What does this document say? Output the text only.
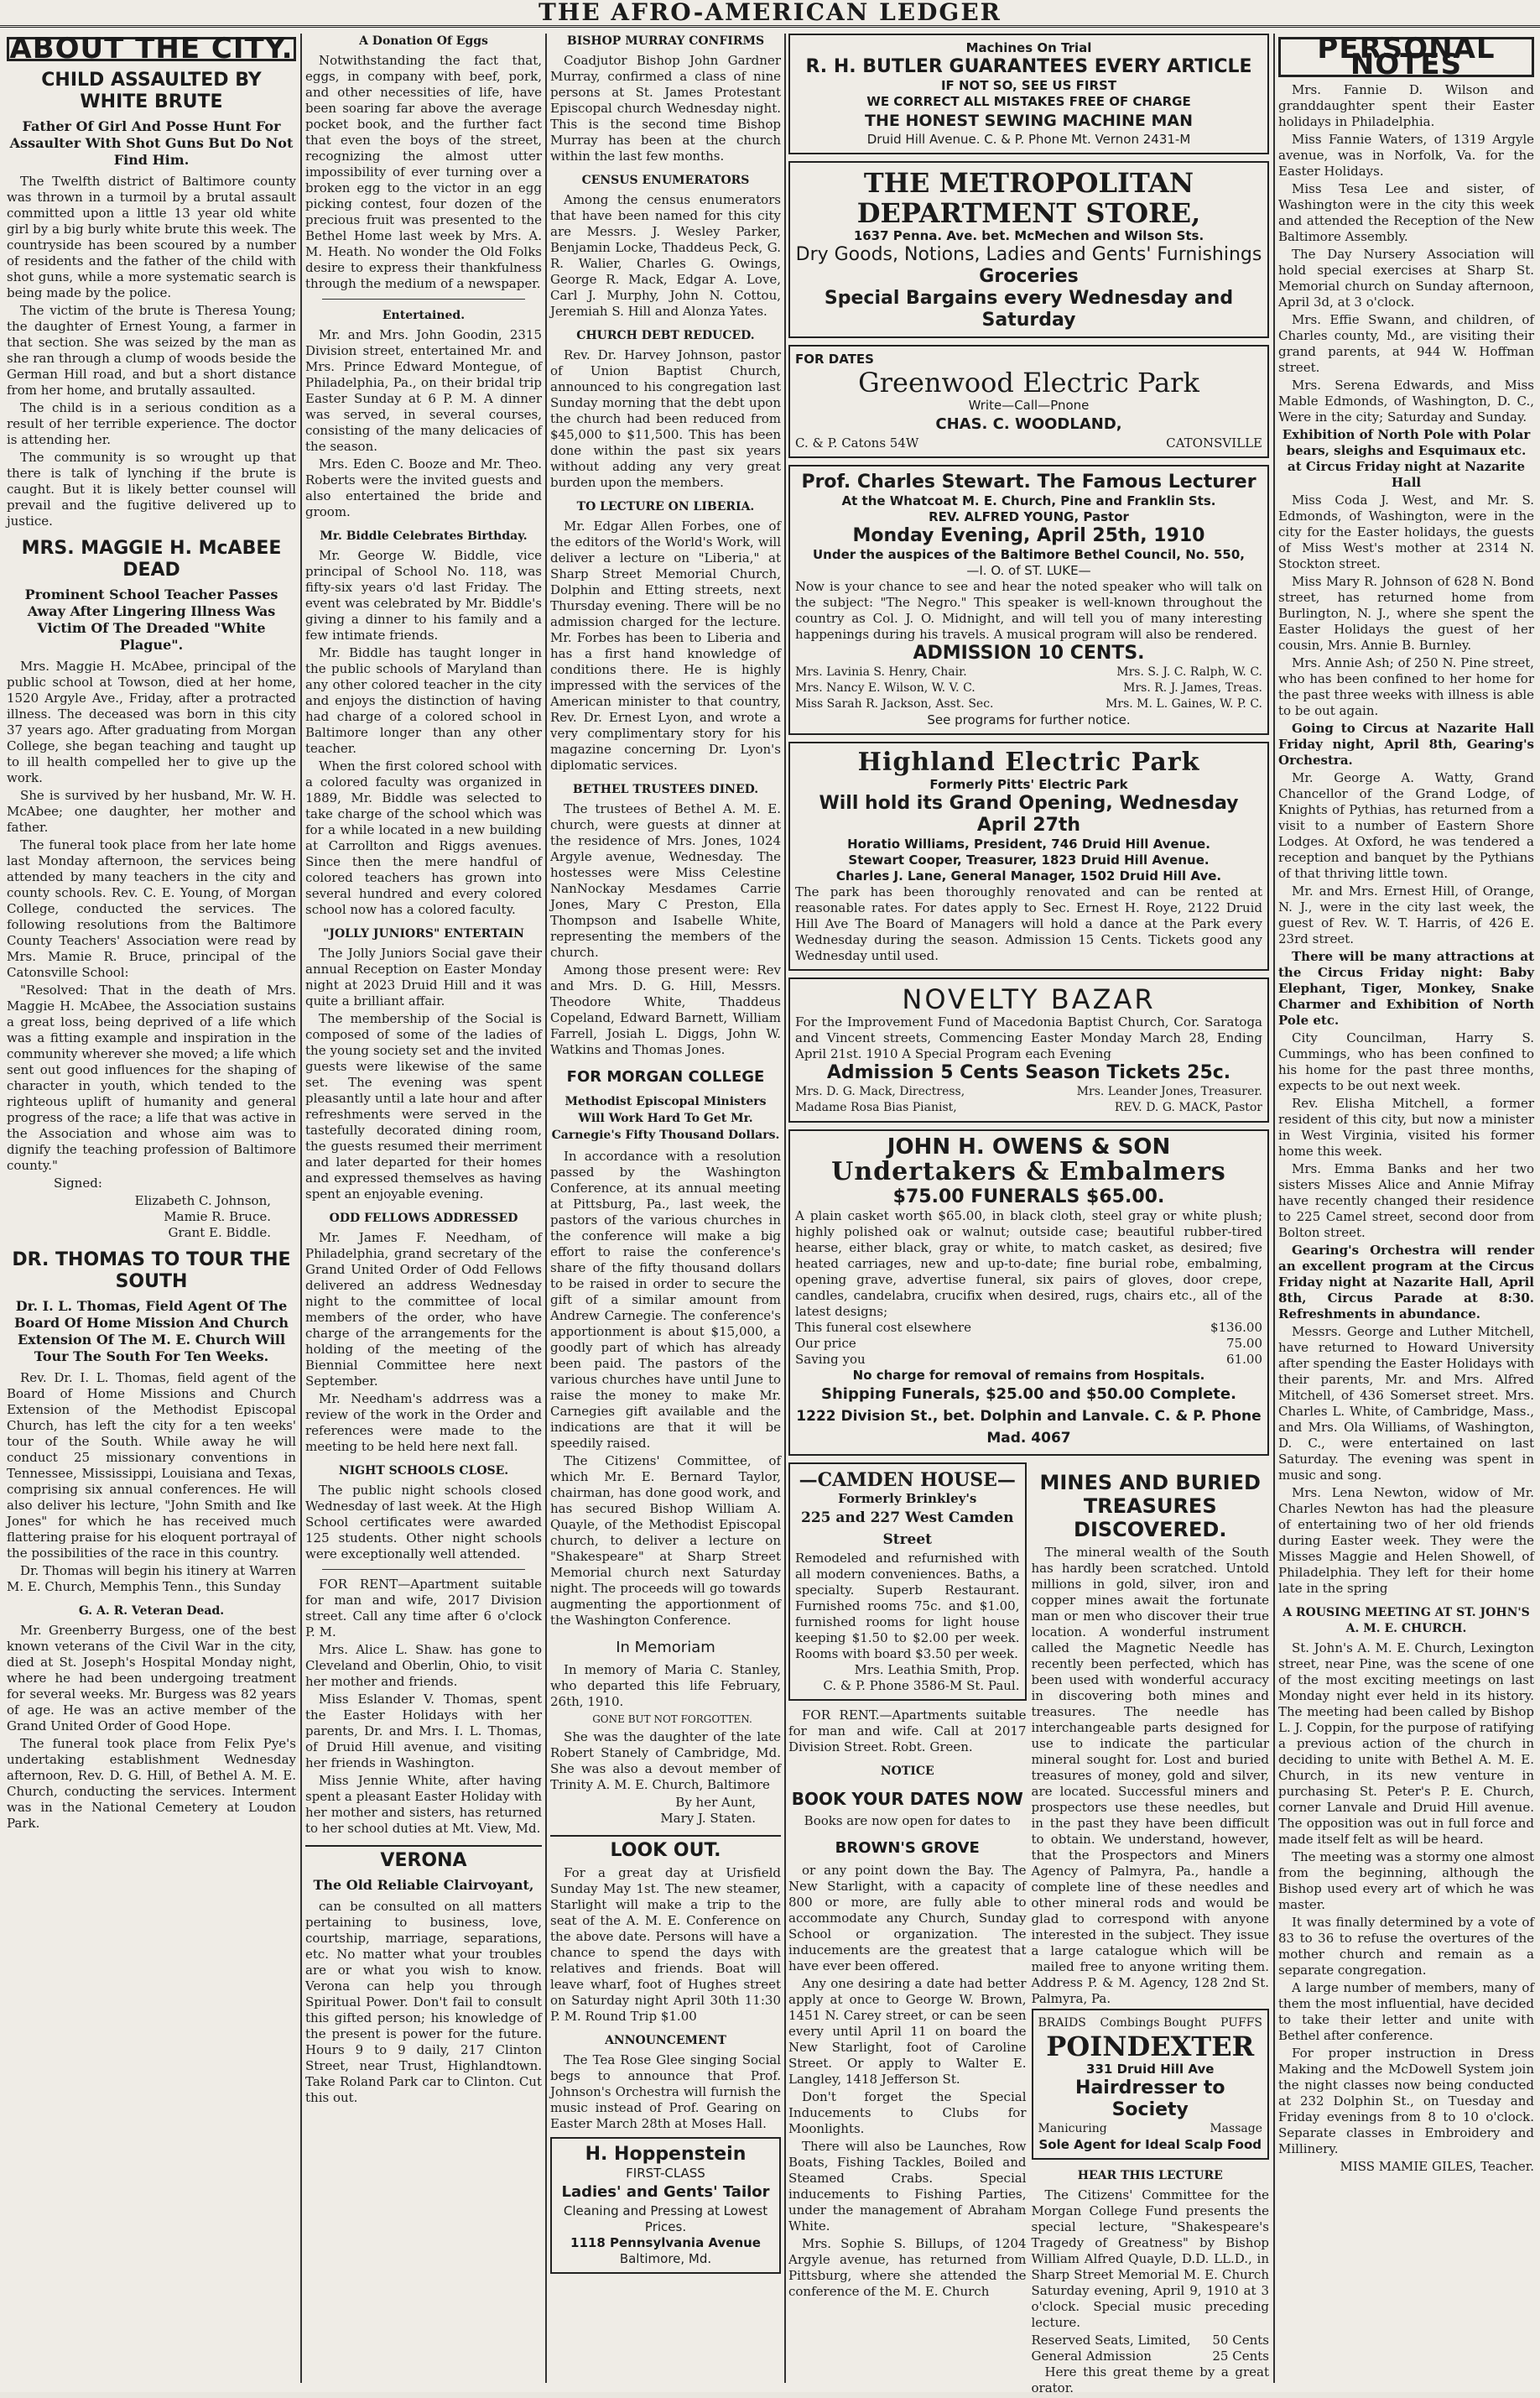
THE AFRO-AMERICAN LEDGER
ABOUT THE CITY.
CHILD ASSAULTED BY WHITE BRUTE
Father Of Girl And Posse Hunt For Assaulter With Shot Guns But Do Not Find Him.

The Twelfth district of Baltimore county was thrown in a turmoil by a brutal assault committed upon a little 13 year old white girl by a big burly white brute this week. The countryside has been scoured by a number of residents and the father of the child with shot guns, while a more systematic search is being made by the police.

The victim of the brute is Theresa Young; the daughter of Ernest Young, a farmer in that section. She was seized by the man as she ran through a clump of woods beside the German Hill road, and but a short distance from her home, and brutally assaulted.

The child is in a serious condition as a result of her terrible experience. The doctor is attending her.

The community is so wrought up that there is talk of lynching if the brute is caught. But it is likely better counsel will prevail and the fugitive delivered up to justice.

MRS. MAGGIE H. McABEE DEAD
Prominent School Teacher Passes Away After Lingering Illness Was Victim Of The Dreaded "White Plague".

Mrs. Maggie H. McAbee, principal of the public school at Towson, died at her home, 1520 Argyle Ave., Friday, after a protracted illness. The deceased was born in this city 37 years ago. After graduating from Morgan College, she began teaching and taught up to ill health compelled her to give up the work.

She is survived by her husband, Mr. W. H. McAbee; one daughter, her mother and father.

The funeral took place from her late home last Monday afternoon, the services being attended by many teachers in the city and county schools. Rev. C. E. Young, of Morgan College, conducted the services. The following resolutions from the Baltimore County Teachers' Association were read by Mrs. Mamie R. Bruce, principal of the Catonsville School:

"Resolved: That in the death of Mrs. Maggie H. McAbee, the Association sustains a great loss, being deprived of a life which was a fitting example and inspiration in the community wherever she moved; a life which sent out good influences for the shaping of character in youth, which tended to the righteous uplift of humanity and general progress of the race; a life that was active in the Association and whose aim was to dignify the teaching profession of Baltimore county."

Signed:

Elizabeth C. Johnson,
Mamie R. Bruce.
Grant E. Biddle.
DR. THOMAS TO TOUR THE SOUTH
Dr. I. L. Thomas, Field Agent Of The Board Of Home Mission And Church Extension Of The M. E. Church Will Tour The South For Ten Weeks.

Rev. Dr. I. L. Thomas, field agent of the Board of Home Missions and Church Extension of the Methodist Episcopal Church, has left the city for a ten weeks' tour of the South. While away he will conduct 25 missionary conventions in Tennessee, Mississippi, Louisiana and Texas, comprising six annual conferences. He will also deliver his lecture, "John Smith and Ike Jones" for which he has received much flattering praise for his eloquent portrayal of the possibilities of the race in this country.

Dr. Thomas will begin his itinery at Warren M. E. Church, Memphis Tenn., this Sunday

G. A. R. Veteran Dead.

Mr. Greenberry Burgess, one of the best known veterans of the Civil War in the city, died at St. Joseph's Hospital Monday night, where he had been undergoing treatment for several weeks. Mr. Burgess was 82 years of age. He was an active member of the Grand United Order of Good Hope.

The funeral took place from Felix Pye's undertaking establishment Wednesday afternoon, Rev. D. G. Hill, of Bethel A. M. E. Church, conducting the services. Interment was in the National Cemetery at Loudon Park.

A Donation Of Eggs

Notwithstanding the fact that, eggs, in company with beef, pork, and other necessities of life, have been soaring far above the average pocket book, and the further fact that even the boys of the street, recognizing the almost utter impossibility of ever turning over a broken egg to the victor in an egg picking contest, four dozen of the precious fruit was presented to the Bethel Home last week by Mrs. A. M. Heath. No wonder the Old Folks desire to express their thankfulness through the medium of a newspaper.

Entertained.

Mr. and Mrs. John Goodin, 2315 Division street, entertained Mr. and Mrs. Prince Edward Montegue, of Philadelphia, Pa., on their bridal trip Easter Sunday at 6 P. M. A dinner was served, in several courses, consisting of the many delicacies of the season.

Mrs. Eden C. Booze and Mr. Theo. Roberts were the invited guests and also entertained the bride and groom.

Mr. Biddle Celebrates Birthday.

Mr. George W. Biddle, vice principal of School No. 118, was fifty-six years o'd last Friday. The event was celebrated by Mr. Biddle's giving a dinner to his family and a few intimate friends.

Mr. Biddle has taught longer in the public schools of Maryland than any other colored teacher in the city and enjoys the distinction of having had charge of a colored school in Baltimore longer than any other teacher.

When the first colored school with a colored faculty was organized in 1889, Mr. Biddle was selected to take charge of the school which was for a while located in a new building at Carrollton and Riggs avenues. Since then the mere handful of colored teachers has grown into several hundred and every colored school now has a colored faculty.

"JOLLY JUNIORS" ENTERTAIN

The Jolly Juniors Social gave their annual Reception on Easter Monday night at 2023 Druid Hill and it was quite a brilliant affair.

The membership of the Social is composed of some of the ladies of the young society set and the invited guests were likewise of the same set. The evening was spent pleasantly until a late hour and after refreshments were served in the tastefully decorated dining room, the guests resumed their merriment and later departed for their homes and expressed themselves as having spent an enjoyable evening.

ODD FELLOWS ADDRESSED

Mr. James F. Needham, of Philadelphia, grand secretary of the Grand United Order of Odd Fellows delivered an address Wednesday night to the committee of local members of the order, who have charge of the arrangements for the holding of the meeting of the Biennial Committee here next September.

Mr. Needham's addrress was a review of the work in the Order and references were made to the meeting to be held here next fall.

NIGHT SCHOOLS CLOSE.

The public night schools closed Wednesday of last week. At the High School certificates were awarded 125 students. Other night schools were exceptionally well attended.

FOR RENT—Apartment suitable for man and wife, 2017 Division street. Call any time after 6 o'clock P. M.

Mrs. Alice L. Shaw. has gone to Cleveland and Oberlin, Ohio, to visit her mother and friends.

Miss Eslander V. Thomas, spent the Easter Holidays with her parents, Dr. and Mrs. I. L. Thomas, of Druid Hill avenue, and visiting her friends in Washington.

Miss Jennie White, after having spent a pleasant Easter Holiday with her mother and sisters, has returned to her school duties at Mt. View, Md.

VERONA
The Old Reliable Clairvoyant,

can be consulted on all matters pertaining to business, love, courtship, marriage, separations, etc. No matter what your troubles are or what you wish to know. Verona can help you through Spiritual Power. Don't fail to consult this gifted person; his knowledge of the present is power for the future. Hours 9 to 9 daily, 217 Clinton Street, near Trust, Highlandtown. Take Roland Park car to Clinton. Cut this out.

BISHOP MURRAY CONFIRMS

Coadjutor Bishop John Gardner Murray, confirmed a class of nine persons at St. James Protestant Episcopal church Wednesday night. This is the second time Bishop Murray has been at the church within the last few months.

CENSUS ENUMERATORS

Among the census enumerators that have been named for this city are Messrs. J. Wesley Parker, Benjamin Locke, Thaddeus Peck, G. R. Walier, Charles G. Owings, George R. Mack, Edgar A. Love, Carl J. Murphy, John N. Cottou, Jeremiah S. Hill and Alonza Yates.

CHURCH DEBT REDUCED.

Rev. Dr. Harvey Johnson, pastor of Union Baptist Church, announced to his congregation last Sunday morning that the debt upon the church had been reduced from $45,000 to $11,500. This has been done within the past six years without adding any very great burden upon the members.

TO LECTURE ON LIBERIA.

Mr. Edgar Allen Forbes, one of the editors of the World's Work, will deliver a lecture on "Liberia," at Sharp Street Memorial Church, Dolphin and Etting streets, next Thursday evening. There will be no admission charged for the lecture. Mr. Forbes has been to Liberia and has a first hand knowledge of conditions there. He is highly impressed with the services of the American minister to that country, Rev. Dr. Ernest Lyon, and wrote a very complimentary story for his magazine concerning Dr. Lyon's diplomatic services.

BETHEL TRUSTEES DINED.

The trustees of Bethel A. M. E. church, were guests at dinner at the residence of Mrs. Jones, 1024 Argyle avenue, Wednesday. The hostesses were Miss Celestine NanNockay Mesdames Carrie Jones, Mary C Preston, Ella Thompson and Isabelle White, representing the members of the church.

Among those present were: Rev and Mrs. D. G. Hill, Messrs. Theodore White, Thaddeus Copeland, Edward Barnett, William Farrell, Josiah L. Diggs, John W. Watkins and Thomas Jones.

FOR MORGAN COLLEGE
Methodist Episcopal Ministers Will Work Hard To Get Mr. Carnegie's Fifty Thousand Dollars.

In accordance with a resolution passed by the Washington Conference, at its annual meeting at Pittsburg, Pa., last week, the pastors of the various churches in the conference will make a big effort to raise the conference's share of the fifty thousand dollars to be raised in order to secure the gift of a similar amount from Andrew Carnegie. The conference's apportionment is about $15,000, a goodly part of which has already been paid. The pastors of the various churches have until June to raise the money to make Mr. Carnegies gift available and the indications are that it will be speedily raised.

The Citizens' Committee, of which Mr. E. Bernard Taylor, chairman, has done good work, and has secured Bishop William A. Quayle, of the Methodist Episcopal church, to deliver a lecture on "Shakespeare" at Sharp Street Memorial church next Saturday night. The proceeds will go towards augmenting the apportionment of the Washington Conference.

In Memoriam

In memory of Maria C. Stanley, who departed this life February, 26th, 1910.

GONE BUT NOT FORGOTTEN.

She was the daughter of the late Robert Stanely of Cambridge, Md. She was also a devout member of Trinity A. M. E. Church, Baltimore

By her Aunt,
Mary J. Staten.
LOOK OUT.

For a great day at Urisfield Sunday May 1st. The new steamer, Starlight will make a trip to the seat of the A. M. E. Conference on the above date. Persons will have a chance to spend the days with relatives and friends. Boat will leave wharf, foot of Hughes street on Saturday night April 30th 11:30 P. M. Round Trip $1.00

ANNOUNCEMENT

The Tea Rose Glee singing Social begs to announce that Prof. Johnson's Orchestra will furnish the music instead of Prof. Gearing on Easter March 28th at Moses Hall.

H. Hoppenstein
FIRST-CLASS
Ladies' and Gents' Tailor
Cleaning and Pressing at Lowest Prices.
1118 Pennsylvania Avenue
Baltimore, Md.
Machines On Trial
R. H. BUTLER GUARANTEES EVERY ARTICLE
IF NOT SO, SEE US FIRST
WE CORRECT ALL MISTAKES FREE OF CHARGE
THE HONEST SEWING MACHINE MAN
Druid Hill Avenue. C. & P. Phone Mt. Vernon 2431-M
THE METROPOLITAN DEPARTMENT STORE,
1637 Penna. Ave. bet. McMechen and Wilson Sts.
Dry Goods, Notions, Ladies and Gents' Furnishings
Groceries
Special Bargains every Wednesday and Saturday
FOR DATES
Greenwood Electric Park
Write—Call—Pnone
CHAS. C. WOODLAND,
C. & P. Catons 54W	CATONSVILLE
Prof. Charles Stewart. The Famous Lecturer
At the Whatcoat M. E. Church, Pine and Franklin Sts.
REV. ALFRED YOUNG, Pastor
Monday Evening, April 25th, 1910
Under the auspices of the Baltimore Bethel Council, No. 550,
—I. O. of ST. LUKE—
Now is your chance to see and hear the noted speaker who will talk on the subject: "The Negro." This speaker is well-known throughout the country as Col. J. O. Midnight, and will tell you of many interesting happenings during his travels. A musical program will also be rendered.
ADMISSION 10 CENTS.
Mrs. Lavinia S. Henry, Chair.	Mrs. S. J. C. Ralph, W. C.
Mrs. Nancy E. Wilson, W. V. C.	Mrs. R. J. James, Treas.
Miss Sarah R. Jackson, Asst. Sec.	Mrs. M. L. Gaines, W. P. C.
See programs for further notice.
Highland Electric Park
Formerly Pitts' Electric Park
Will hold its Grand Opening, Wednesday April 27th
Horatio Williams, President, 746 Druid Hill Avenue.
Stewart Cooper, Treasurer, 1823 Druid Hill Avenue.
Charles J. Lane, General Manager, 1502 Druid Hill Ave.
The park has been thoroughly renovated and can be rented at reasonable rates. For dates apply to Sec. Ernest H. Roye, 2122 Druid Hill Ave The Board of Managers will hold a dance at the Park every Wednesday during the season. Admission 15 Cents. Tickets good any Wednesday until used.
NOVELTY BAZAR
For the Improvement Fund of Macedonia Baptist Church, Cor. Saratoga and Vincent streets, Commencing Easter Monday March 28, Ending April 21st. 1910 A Special Program each Evening
Admission 5 Cents Season Tickets 25c.
Mrs. D. G. Mack, Directress,	Mrs. Leander Jones, Treasurer.
Madame Rosa Bias Pianist,	REV. D. G. MACK, Pastor
JOHN H. OWENS & SON
Undertakers & Embalmers
$75.00 FUNERALS $65.00.
A plain casket worth $65.00, in black cloth, steel gray or white plush; highly polished oak or walnut; outside case; beautiful rubber-tired hearse, either black, gray or white, to match casket, as desired; five heated carriages, new and up-to-date; fine burial robe, embalming, opening grave, advertise funeral, six pairs of gloves, door crepe, candles, candelabra, crucifix when desired, rugs, chairs etc., all of the latest designs;
This funeral cost elsewhere	$136.00
Our price	75.00
Saving you	61.00
No charge for removal of remains from Hospitals.
Shipping Funerals, $25.00 and $50.00 Complete.
1222 Division St., bet. Dolphin and Lanvale. C. & P. Phone Mad. 4067
—CAMDEN HOUSE—
Formerly Brinkley's
225 and 227 West Camden Street
Remodeled and refurnished with all modern conveniences. Baths, a specialty. Superb Restaurant. Furnished rooms 75c. and $1.00, furnished rooms for light house keeping $1.50 to $2.00 per week. Rooms with board $3.50 per week.
Mrs. Leathia Smith, Prop.
C. & P. Phone 3586-M St. Paul.

FOR RENT.—Apartments suitable for man and wife. Call at 2017 Division Street. Robt. Green.

NOTICE
BOOK YOUR DATES NOW
Books are now open for dates to
BROWN'S GROVE

or any point down the Bay. The New Starlight, with a capacity of 800 or more, are fully able to accommodate any Church, Sunday School or organization. The inducements are the greatest that have ever been offered.

Any one desiring a date had better apply at once to George W. Brown, 1451 N. Carey street, or can be seen every until April 11 on board the New Starlight, foot of Caroline Street. Or apply to Walter E. Langley, 1418 Jefferson St.

Don't forget the Special Inducements to Clubs for Moonlights.

There will also be Launches, Row Boats, Fishing Tackles, Boiled and Steamed Crabs. Special inducements to Fishing Parties, under the management of Abraham White.

Mrs. Sophie S. Billups, of 1204 Argyle avenue, has returned from Pittsburg, where she attended the conference of the M. E. Church

MINES AND BURIED TREASURES DISCOVERED.

The mineral wealth of the South has hardly been scratched. Untold millions in gold, silver, iron and copper mines await the fortunate man or men who discover their true location. A wonderful instrument called the Magnetic Needle has recently been perfected, which has been used with wonderful accuracy in discovering both mines and treasures. The needle has interchangeable parts designed for use to indicate the particular mineral sought for. Lost and buried treasures of money, gold and silver, are located. Successful miners and prospectors use these needles, but in the past they have been difficult to obtain. We understand, however, that the Prospectors and Miners Agency of Palmyra, Pa., handle a complete line of these needles and other mineral rods and would be glad to correspond with anyone interested in the subject. They issue a large catalogue which will be mailed free to anyone writing them. Address P. & M. Agency, 128 2nd St. Palmyra, Pa.

BRAIDS Combings Bought PUFFS
POINDEXTER
331 Druid Hill Ave
Hairdresser to Society
Manicuring	Massage
Sole Agent for Ideal Scalp Food
HEAR THIS LECTURE

The Citizens' Committee for the Morgan College Fund presents the special lecture, "Shakespeare's Tragedy of Greatness" by Bishop William Alfred Quayle, D.D. LL.D., in Sharp Street Memorial M. E. Church Saturday evening, April 9, 1910 at 3 o'clock. Special music preceding lecture.

Reserved Seats, Limited, 50 Cents
General Admission	25 Cents

Here this great theme by a great orator.

PERSONAL NOTES

Mrs. Fannie D. Wilson and granddaughter spent their Easter holidays in Philadelphia.

Miss Fannie Waters, of 1319 Argyle avenue, was in Norfolk, Va. for the Easter Holidays.

Miss Tesa Lee and sister, of Washington were in the city this week and attended the Reception of the New Baltimore Assembly.

The Day Nursery Association will hold special exercises at Sharp St. Memorial church on Sunday afternoon, April 3d, at 3 o'clock.

Mrs. Effie Swann, and children, of Charles county, Md., are visiting their grand parents, at 944 W. Hoffman street.

Mrs. Serena Edwards, and Miss Mable Edmonds, of Washington, D. C., Were in the city; Saturday and Sunday.

Exhibition of North Pole with Polar bears, sleighs and Esquimaux etc. at Circus Friday night at Nazarite Hall

Miss Coda J. West, and Mr. S. Edmonds, of Washington, were in the city for the Easter holidays, the guests of Miss West's mother at 2314 N. Stockton street.

Miss Mary R. Johnson of 628 N. Bond street, has returned home from Burlington, N. J., where she spent the Easter Holidays the guest of her cousin, Mrs. Annie B. Burnley.

Mrs. Annie Ash; of 250 N. Pine street, who has been confined to her home for the past three weeks with illness is able to be out again.

Going to Circus at Nazarite Hall Friday night, April 8th, Gearing's Orchestra.

Mr. George A. Watty, Grand Chancellor of the Grand Lodge, of Knights of Pythias, has returned from a visit to a number of Eastern Shore Lodges. At Oxford, he was tendered a reception and banquet by the Pythians of that thriving little town.

Mr. and Mrs. Ernest Hill, of Orange, N. J., were in the city last week, the guest of Rev. W. T. Harris, of 426 E. 23rd street.

There will be many attractions at the Circus Friday night: Baby Elephant, Tiger, Monkey, Snake Charmer and Exhibition of North Pole etc.

City Councilman, Harry S. Cummings, who has been confined to his home for the past three months, expects to be out next week.

Rev. Elisha Mitchell, a former resident of this city, but now a minister in West Virginia, visited his former home this week.

Mrs. Emma Banks and her two sisters Misses Alice and Annie Mifray have recently changed their residence to 225 Camel street, second door from Bolton street.

Gearing's Orchestra will render an excellent program at the Circus Friday night at Nazarite Hall, April 8th, Circus Parade at 8:30. Refreshments in abundance.

Messrs. George and Luther Mitchell, have returned to Howard University after spending the Easter Holidays with their parents, Mr. and Mrs. Alfred Mitchell, of 436 Somerset street. Mrs. Charles L. White, of Cambridge, Mass., and Mrs. Ola Williams, of Washington, D. C., were entertained on last Saturday. The evening was spent in music and song.

Mrs. Lena Newton, widow of Mr. Charles Newton has had the pleasure of entertaining two of her old friends during Easter week. They were the Misses Maggie and Helen Showell, of Philadelphia. They left for their home late in the spring

A ROUSING MEETING AT ST. JOHN'S A. M. E. CHURCH.

St. John's A. M. E. Church, Lexington street, near Pine, was the scene of one of the most exciting meetings on last Monday night ever held in its history. The meeting had been called by Bishop L. J. Coppin, for the purpose of ratifying a previous action of the church in deciding to unite with Bethel A. M. E. Church, in its new venture in purchasing St. Peter's P. E. Church, corner Lanvale and Druid Hill avenue. The opposition was out in full force and made itself felt as will be heard.

The meeting was a stormy one almost from the beginning, although the Bishop used every art of which he was master.

It was finally determined by a vote of 83 to 36 to refuse the overtures of the mother church and remain as a separate congregation.

A large number of members, many of them the most influential, have decided to take their letter and unite with Bethel after conference.

For proper instruction in Dress Making and the McDowell System join the night classes now being conducted at 232 Dolphin St., on Tuesday and Friday evenings from 8 to 10 o'clock. Separate classes in Embroidery and Millinery.

MISS MAMIE GILES, Teacher.
